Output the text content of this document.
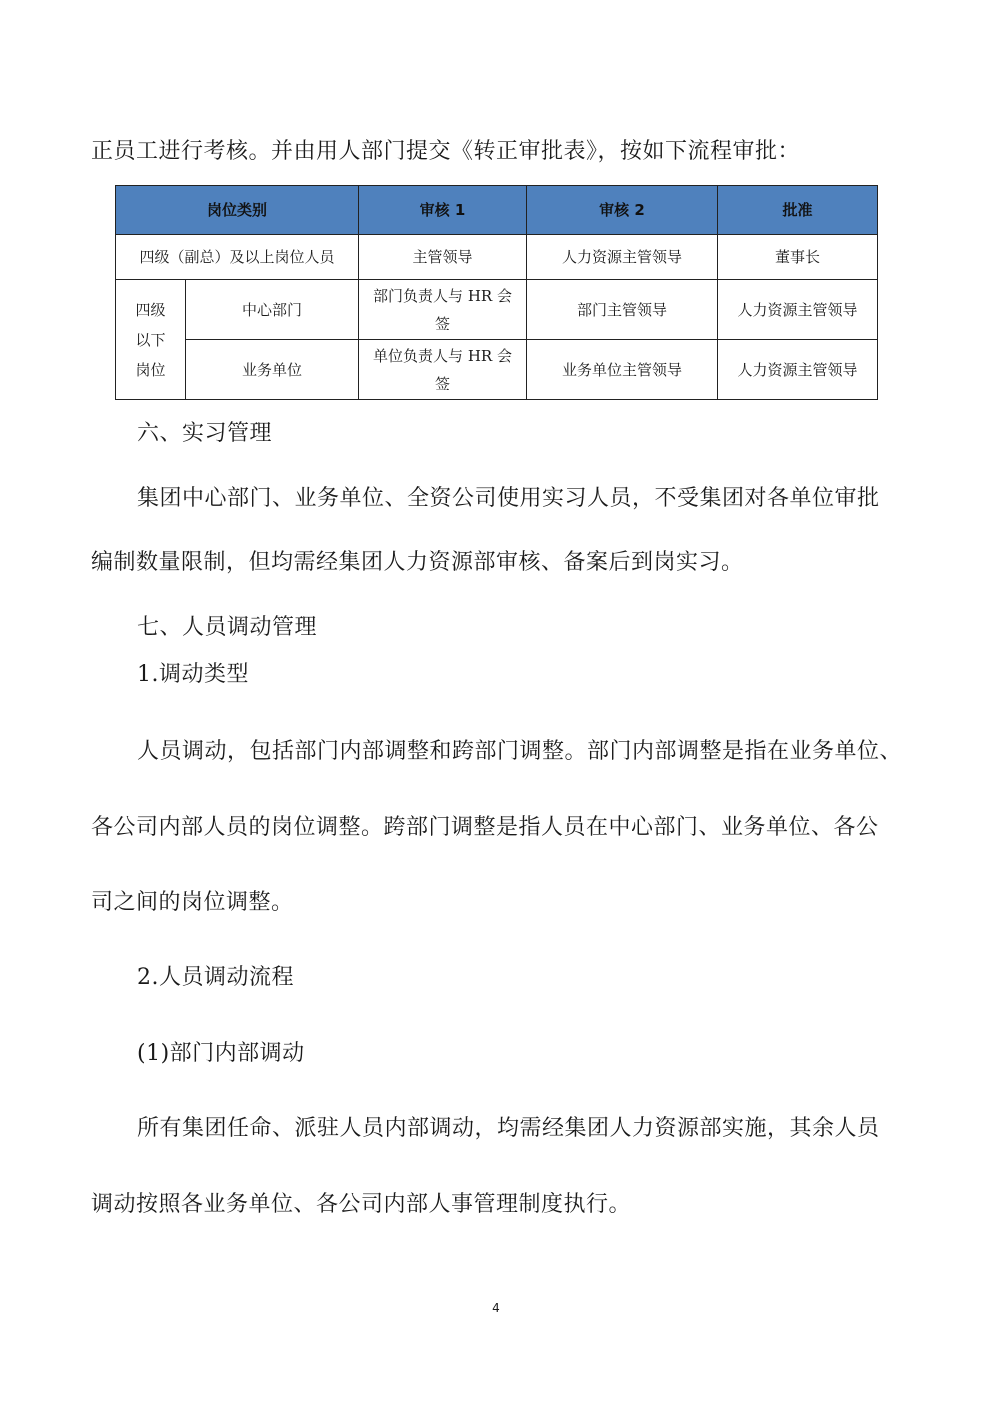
正员工进行考核。并由用人部门提交《转正审批表》，按如下流程审批：
岗位类别		审核 1	审核 2	批准
四级（副总）及以上岗位人员		主管领导	人力资源主管领导	董事长
四级以下岗位	中心部门	部门负责人与 HR 会签	部门主管领导	人力资源主管领导
	业务单位	单位负责人与 HR 会签	业务单位主管领导	人力资源主管领导
六、实习管理
集团中心部门、业务单位、全资公司使用实习人员，不受集团对各单位审批
编制数量限制，但均需经集团人力资源部审核、备案后到岗实习。
七、人员调动管理
1.调动类型
人员调动，包括部门内部调整和跨部门调整。部门内部调整是指在业务单位、
各公司内部人员的岗位调整。跨部门调整是指人员在中心部门、业务单位、各公
司之间的岗位调整。
2.人员调动流程
(1)部门内部调动
所有集团任命、派驻人员内部调动，均需经集团人力资源部实施，其余人员
调动按照各业务单位、各公司内部人事管理制度执行。
4
